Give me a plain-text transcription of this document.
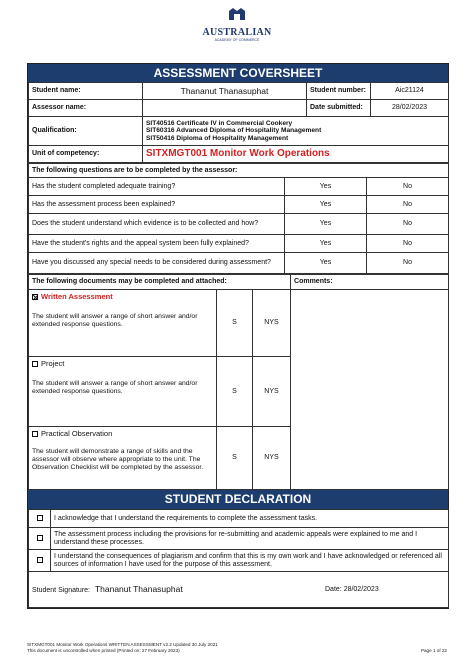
AUSTRALIAN
ACADEMY OF COMMERCE
ASSESSMENT COVERSHEET
Student name:	Thananut Thanasuphat	Student number:	Aic21124
Assessor name:		Date submitted:	28/02/2023
Qualification:	SIT40516 Certificate IV in Commercial Cookery
SIT60316 Advanced Diploma of Hospitality Management
SIT50416 Diploma of Hospitality Management		

Unit of competency:	SITXMGT001 Monitor Work Operations		
The following questions are to be completed by the assessor:		
Has the student completed adequate training?	Yes	No
Has the assessment process been explained?	Yes	No
Does the student understand which evidence is to be collected and how?	Yes	No
Have the student's rights and the appeal system been fully explained?	Yes	No
Have you discussed any special needs to be considered during assessment?	Yes	No
The following documents may be completed and attached:			Comments:

Written Assessment
The student will answer a range of short answer and/or extended response questions.	S	NYS	

Project
The student will answer a range of short answer and/or extended response questions.	S	NYS	

Practical Observation
The student will demonstrate a range of skills and the assessor will observe where appropriate to the unit. The Observation Checklist will be completed by the assessor.	S	NYS	
STUDENT DECLARATION
	I acknowledge that I understand the requirements to complete the assessment tasks.
	The assessment process including the provisions for re-submitting and academic appeals were explained to me and I understand these processes.
	I understand the consequences of plagiarism and confirm that this is my own work and I have acknowledged or referenced all sources of information I have used for the purpose of this assessment.
Student Signature: Thananut Thanasuphat Date: 28/02/2023	
SITXMGT001 Monitor Work Operations WRITTEN ASSESSMENT v2.2 Updated 30 July 2021
This document is uncontrolled when printed (Printed on: 27 February 2023)	Page 1 of 22
